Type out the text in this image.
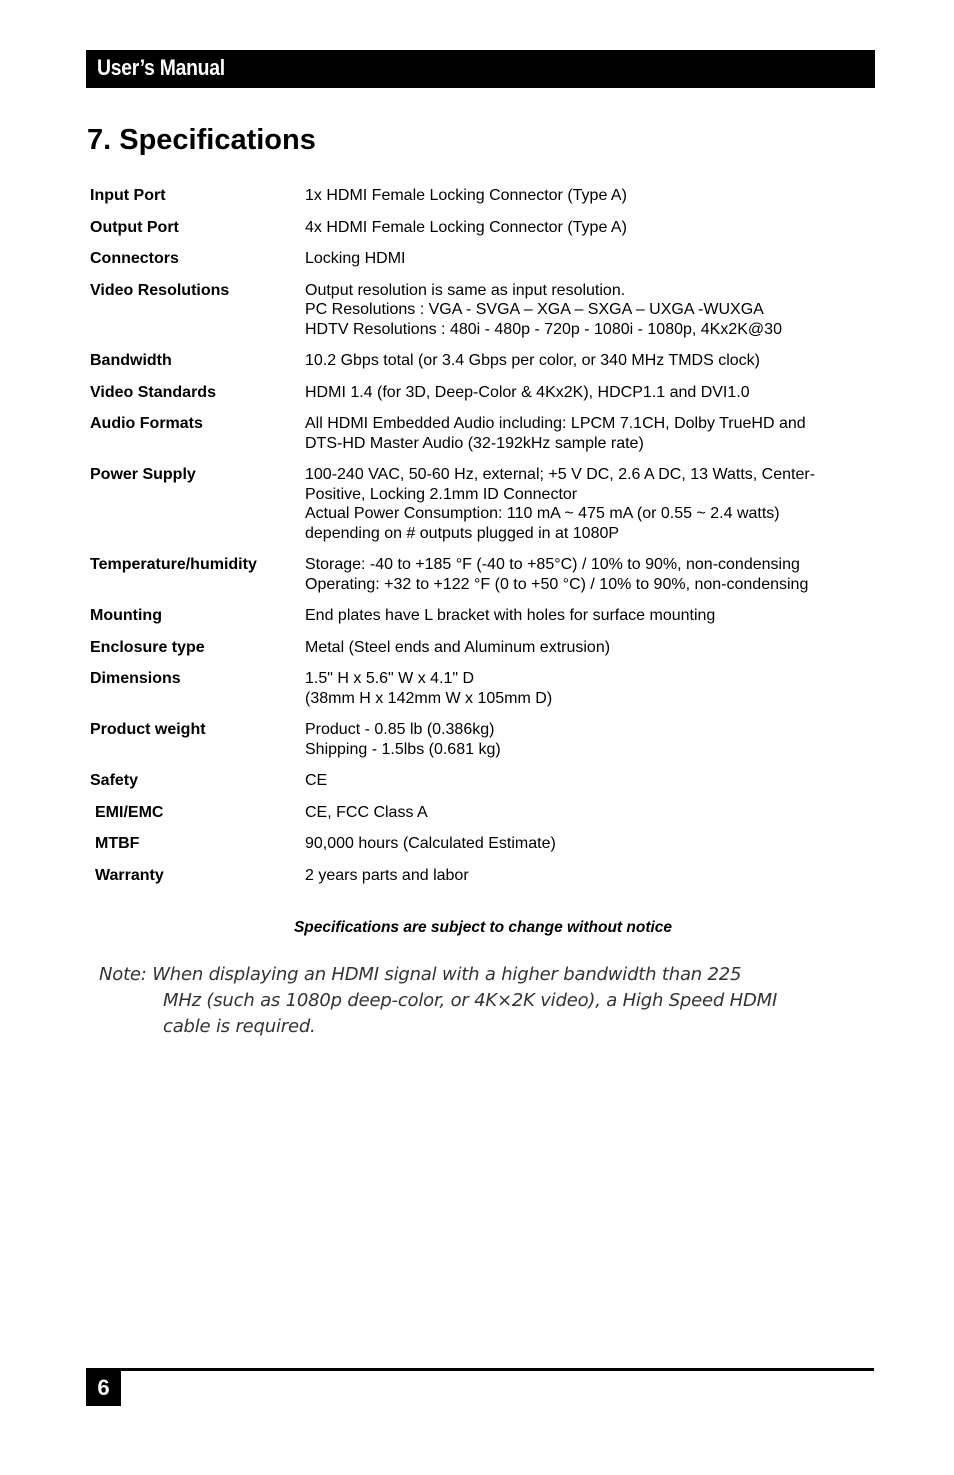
User’s Manual
7. Specifications
Input Port	1x HDMI Female Locking Connector (Type A)
Output Port	4x HDMI Female Locking Connector (Type A)
Connectors	Locking HDMI
Video Resolutions	Output resolution is same as input resolution.
PC Resolutions : VGA - SVGA – XGA – SXGA – UXGA -WUXGA
HDTV Resolutions : 480i - 480p - 720p - 1080i - 1080p, 4Kx2K@30
Bandwidth	10.2 Gbps total (or 3.4 Gbps per color, or 340 MHz TMDS clock)
Video Standards	HDMI 1.4 (for 3D, Deep-Color & 4Kx2K), HDCP1.1 and DVI1.0
Audio Formats	All HDMI Embedded Audio including: LPCM 7.1CH, Dolby TrueHD and
DTS-HD Master Audio (32-192kHz sample rate)
Power Supply	100-240 VAC, 50-60 Hz, external; +5 V DC, 2.6 A DC, 13 Watts, Center-
Positive, Locking 2.1mm ID Connector
Actual Power Consumption: 110 mA ~ 475 mA (or 0.55 ~ 2.4 watts)
depending on # outputs plugged in at 1080P
Temperature/humidity	Storage: -40 to +185 °F (-40 to +85°C) / 10% to 90%, non-condensing
Operating: +32 to +122 °F (0 to +50 °C) / 10% to 90%, non-condensing
Mounting	End plates have L bracket with holes for surface mounting
Enclosure type	Metal (Steel ends and Aluminum extrusion)
Dimensions	1.5" H x 5.6" W x 4.1" D
(38mm H x 142mm W x 105mm D)
Product weight	Product - 0.85 lb (0.386kg)
Shipping - 1.5lbs (0.681 kg)
Safety	CE
EMI/EMC	CE, FCC Class A
MTBF	90,000 hours (Calculated Estimate)
Warranty	2 years parts and labor
Specifications are subject to change without notice
Note: When displaying an HDMI signal with a higher bandwidth than 225
MHz (such as 1080p deep-color, or 4K×2K video), a High Speed HDMI
cable is required.
6
